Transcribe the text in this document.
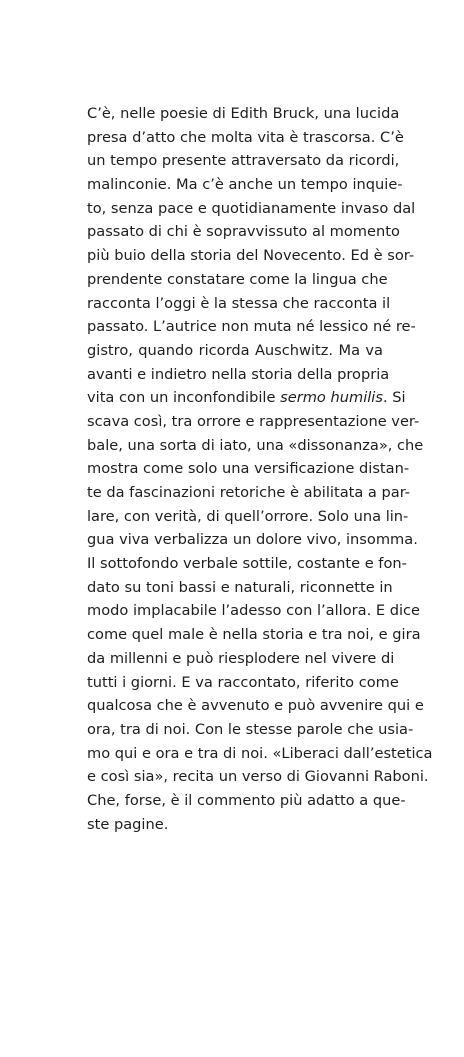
C’è, nelle poesie di Edith Bruck, una lucida
presa d’atto che molta vita è trascorsa. C’è
un tempo presente attraversato da ricordi,
malinconie. Ma c’è anche un tempo inquie-
to, senza pace e quotidianamente invaso dal
passato di chi è sopravvissuto al momento
più buio della storia del Novecento. Ed è sor-
prendente constatare come la lingua che
racconta l’oggi è la stessa che racconta il
passato. L’autrice non muta né lessico né re-
gistro, quando ricorda Auschwitz. Ma va
avanti e indietro nella storia della propria
vita con un inconfondibile sermo humilis. Si
scava così, tra orrore e rappresentazione ver-
bale, una sorta di iato, una «dissonanza», che
mostra come solo una versificazione distan-
te da fascinazioni retoriche è abilitata a par-
lare, con verità, di quell’orrore. Solo una lin-
gua viva verbalizza un dolore vivo, insomma.
Il sottofondo verbale sottile, costante e fon-
dato su toni bassi e naturali, riconnette in
modo implacabile l’adesso con l’allora. E dice
come quel male è nella storia e tra noi, e gira
da millenni e può riesplodere nel vivere di
tutti i giorni. E va raccontato, riferito come
qualcosa che è avvenuto e può avvenire qui e
ora, tra di noi. Con le stesse parole che usia-
mo qui e ora e tra di noi. «Liberaci dall’estetica
e così sia», recita un verso di Giovanni Raboni.
Che, forse, è il commento più adatto a que-
ste pagine.
